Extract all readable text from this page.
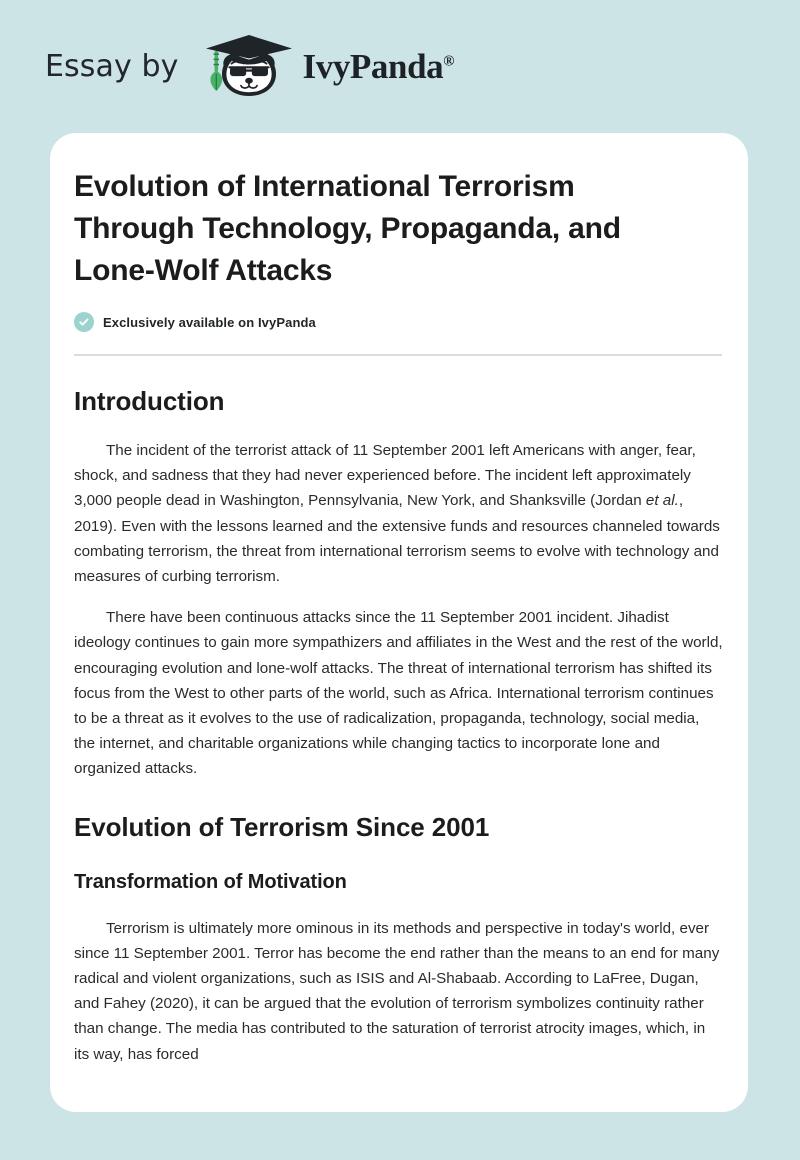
Essay by	IvyPanda®
Evolution of International Terrorism Through Technology, Propaganda, and Lone-Wolf Attacks
Exclusively available on IvyPanda
Introduction

The incident of the terrorist attack of 11 September 2001 left Americans with anger, fear, shock, and sadness that they had never experienced before. The incident left approximately 3,000 people dead in Washington, Pennsylvania, New York, and Shanksville (Jordan et al., 2019). Even with the lessons learned and the extensive funds and resources channeled towards combating terrorism, the threat from international terrorism seems to evolve with technology and measures of curbing terrorism.

There have been continuous attacks since the 11 September 2001 incident. Jihadist ideology continues to gain more sympathizers and affiliates in the West and the rest of the world, encouraging evolution and lone-wolf attacks. The threat of international terrorism has shifted its focus from the West to other parts of the world, such as Africa. International terrorism continues to be a threat as it evolves to the use of radicalization, propaganda, technology, social media, the internet, and charitable organizations while changing tactics to incorporate lone and organized attacks.

Evolution of Terrorism Since 2001
Transformation of Motivation

Terrorism is ultimately more ominous in its methods and perspective in today's world, ever since 11 September 2001. Terror has become the end rather than the means to an end for many radical and violent organizations, such as ISIS and Al-Shabaab. According to LaFree, Dugan, and Fahey (2020), it can be argued that the evolution of terrorism symbolizes continuity rather than change. The media has contributed to the saturation of terrorist atrocity images, which, in its way, has forced
